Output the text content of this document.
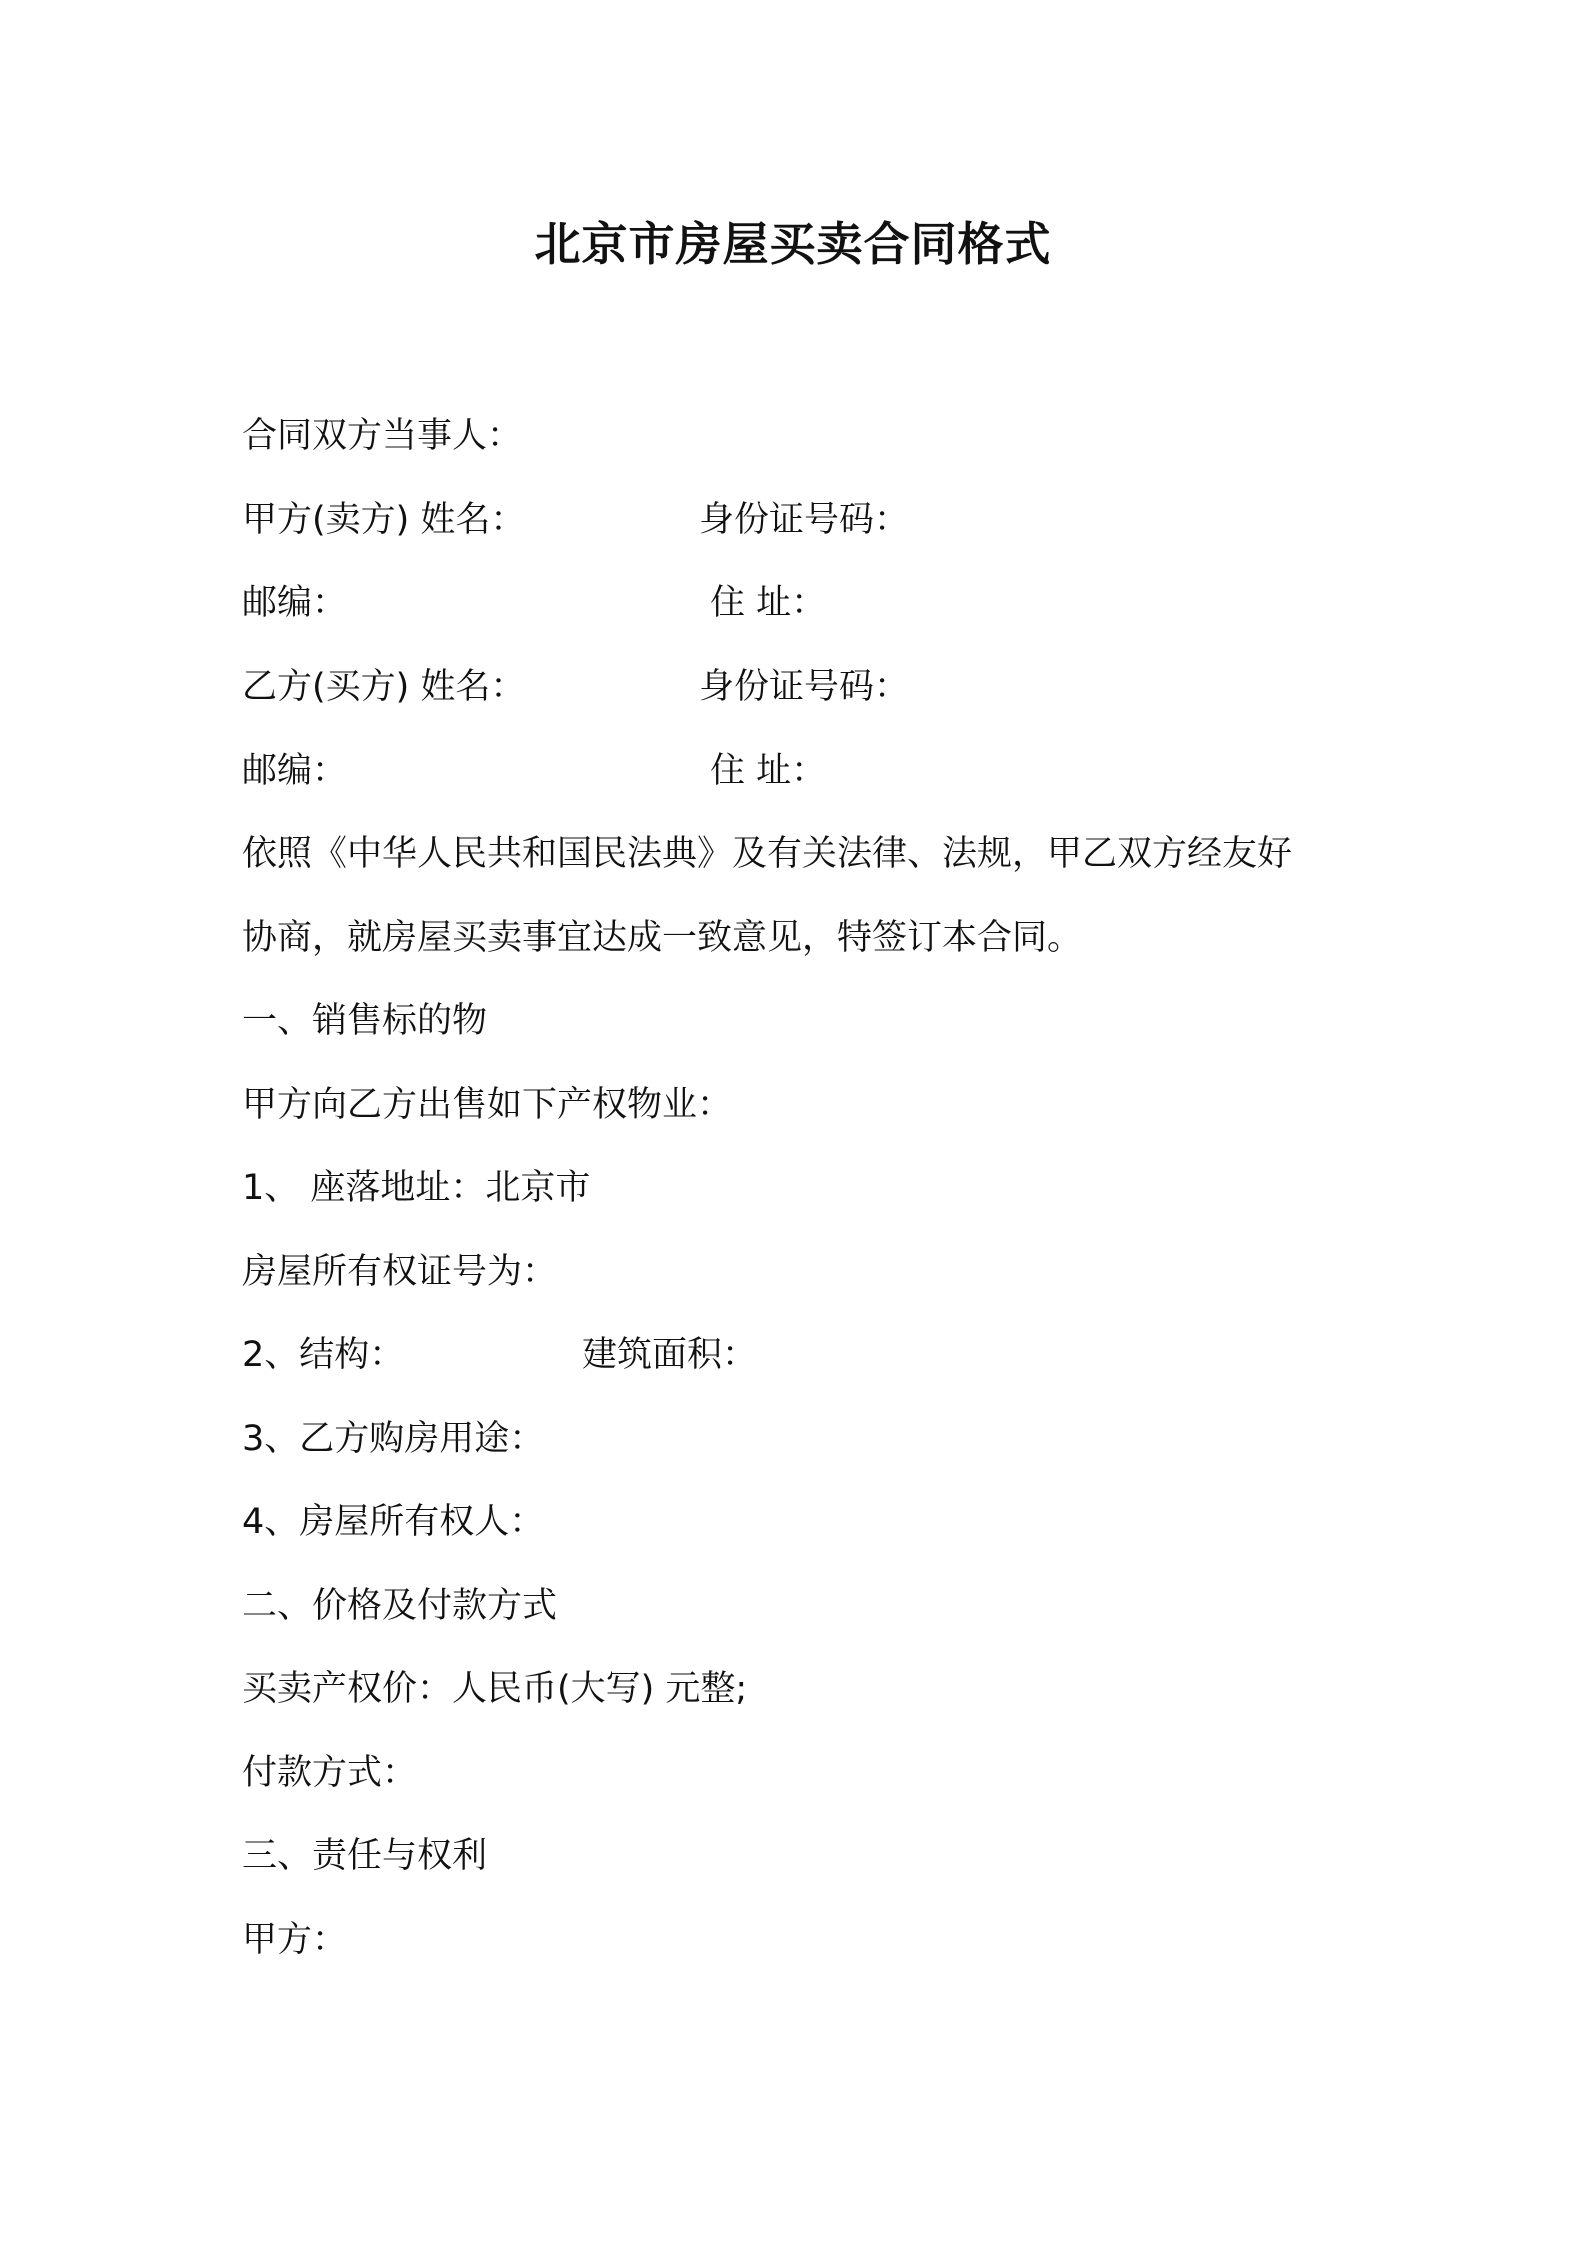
北京市房屋买卖合同格式
合同双方当事人：
甲方(卖方) 姓名：	身份证号码：
邮编：	住 址：
乙方(买方) 姓名：	身份证号码：
邮编：	住 址：
依照《中华人民共和国民法典》及有关法律、法规，甲乙双方经友好
协商，就房屋买卖事宜达成一致意见，特签订本合同。
一、销售标的物
甲方向乙方出售如下产权物业：
1、 座落地址：北京市
房屋所有权证号为：
2、结构：	建筑面积：
3、乙方购房用途：
4、房屋所有权人：
二、价格及付款方式
买卖产权价：人民币(大写) 元整;
付款方式：
三、责任与权利
甲方：
